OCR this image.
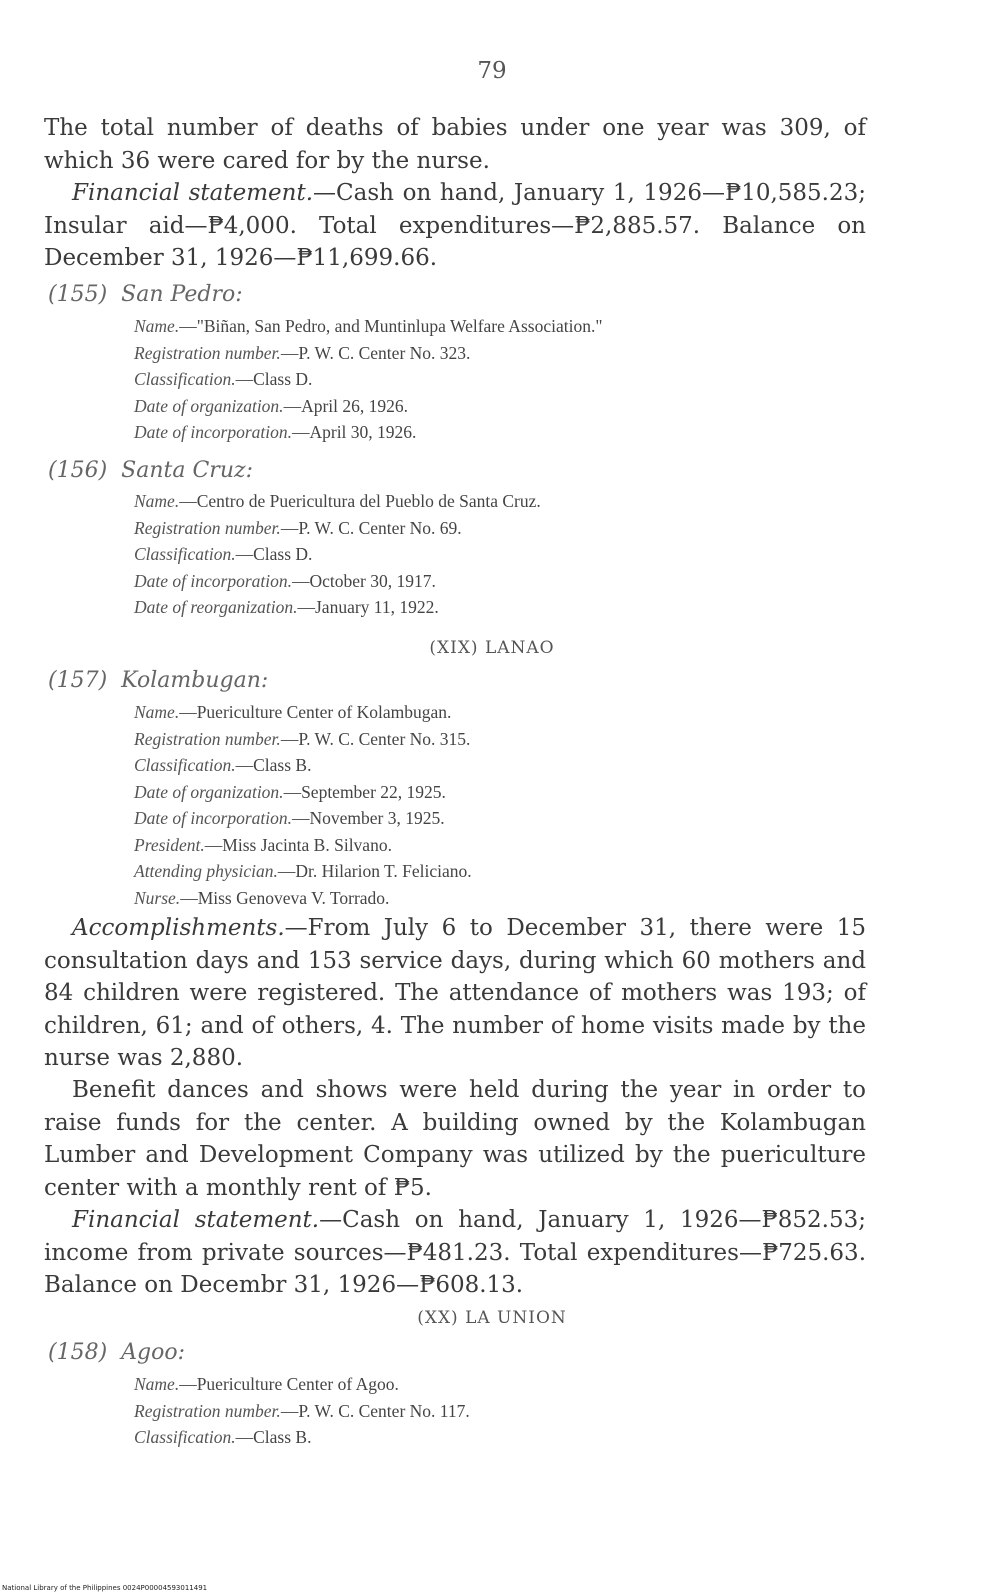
79

The total number of deaths of babies under one year was 309, of which 36 were cared for by the nurse.

Financial statement.—Cash on hand, January 1, 1926—₱10,585.23; Insular aid—₱4,000. Total expenditures—₱2,885.57. Balance on December 31, 1926—₱11,699.66.

(155) San Pedro:
Name.—"Biñan, San Pedro, and Muntinlupa Welfare Association."
Registration number.—P. W. C. Center No. 323.
Classification.—Class D.
Date of organization.—April 26, 1926.
Date of incorporation.—April 30, 1926.
(156) Santa Cruz:
Name.—Centro de Puericultura del Pueblo de Santa Cruz.
Registration number.—P. W. C. Center No. 69.
Classification.—Class D.
Date of incorporation.—October 30, 1917.
Date of reorganization.—January 11, 1922.
(XIX) LANAO
(157) Kolambugan:
Name.—Puericulture Center of Kolambugan.
Registration number.—P. W. C. Center No. 315.
Classification.—Class B.
Date of organization.—September 22, 1925.
Date of incorporation.—November 3, 1925.
President.—Miss Jacinta B. Silvano.
Attending physician.—Dr. Hilarion T. Feliciano.
Nurse.—Miss Genoveva V. Torrado.

Accomplishments.—From July 6 to December 31, there were 15 consultation days and 153 service days, during which 60 mothers and 84 children were registered. The attendance of mothers was 193; of children, 61; and of others, 4. The number of home visits made by the nurse was 2,880.

Benefit dances and shows were held during the year in order to raise funds for the center. A building owned by the Kolambugan Lumber and Development Company was utilized by the puericulture center with a monthly rent of ₱5.

Financial statement.—Cash on hand, January 1, 1926—₱852.53; income from private sources—₱481.23. Total expenditures—₱725.63. Balance on Decembr 31, 1926—₱608.13.

(XX) LA UNION
(158) Agoo:
Name.—Puericulture Center of Agoo.
Registration number.—P. W. C. Center No. 117.
Classification.—Class B.
National Library of the Philippines 0024P00004593011491
